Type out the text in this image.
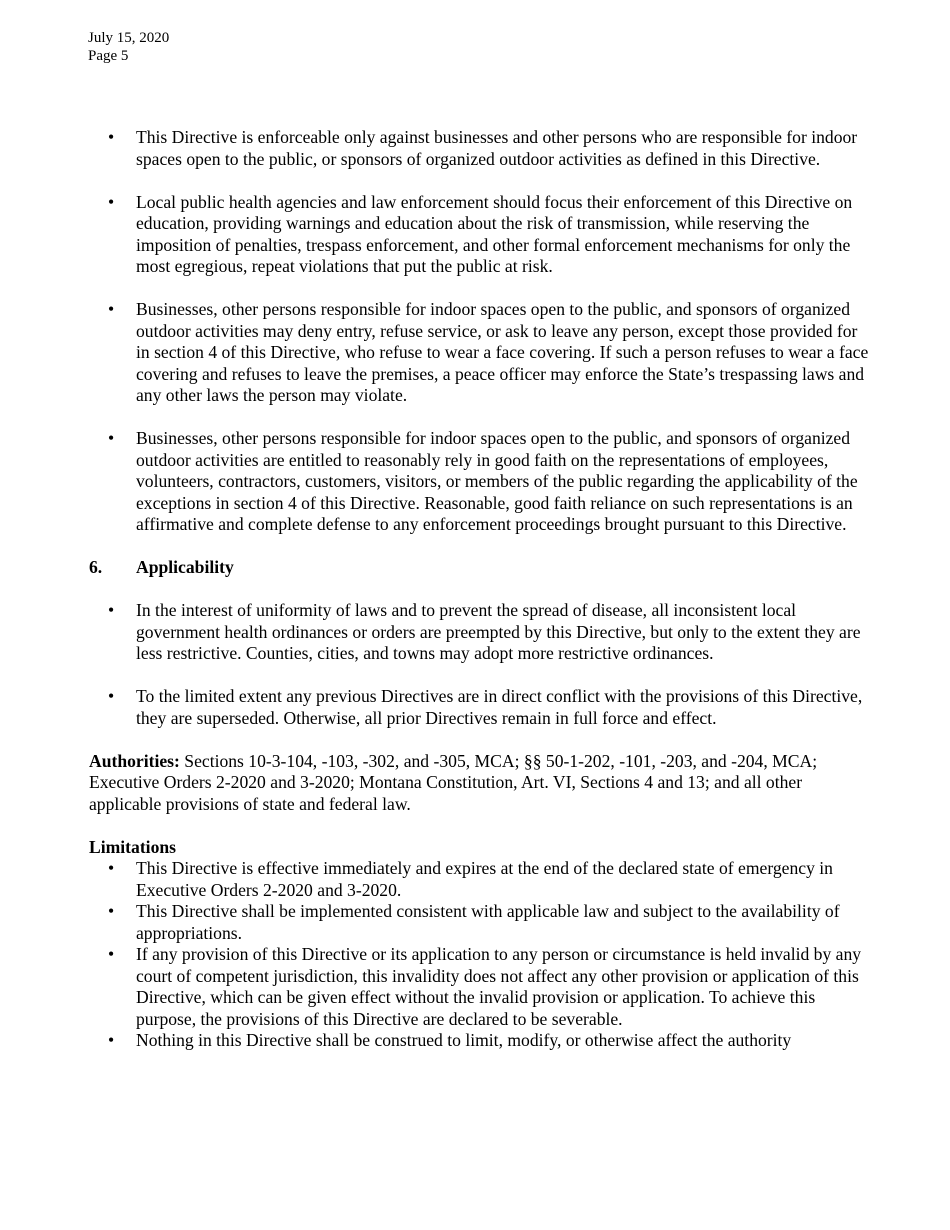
July 15, 2020
Page 5
•	This Directive is enforceable only against businesses and other persons who are responsible for indoor spaces open to the public, or sponsors of organized outdoor activities as defined in this Directive.
•	Local public health agencies and law enforcement should focus their enforcement of this Directive on education, providing warnings and education about the risk of transmission, while reserving the imposition of penalties, trespass enforcement, and other formal enforcement mechanisms for only the most egregious, repeat violations that put the public at risk.
•	Businesses, other persons responsible for indoor spaces open to the public, and sponsors of organized outdoor activities may deny entry, refuse service, or ask to leave any person, except those provided for in section 4 of this Directive, who refuse to wear a face covering. If such a person refuses to wear a face covering and refuses to leave the premises, a peace officer may enforce the State’s trespassing laws and any other laws the person may violate.
•	Businesses, other persons responsible for indoor spaces open to the public, and sponsors of organized outdoor activities are entitled to reasonably rely in good faith on the representations of employees, volunteers, contractors, customers, visitors, or members of the public regarding the applicability of the exceptions in section 4 of this Directive. Reasonable, good faith reliance on such representations is an affirmative and complete defense to any enforcement proceedings brought pursuant to this Directive.
6.	Applicability
•	In the interest of uniformity of laws and to prevent the spread of disease, all inconsistent local government health ordinances or orders are preempted by this Directive, but only to the extent they are less restrictive. Counties, cities, and towns may adopt more restrictive ordinances.
•	To the limited extent any previous Directives are in direct conflict with the provisions of this Directive, they are superseded. Otherwise, all prior Directives remain in full force and effect.
Authorities: Sections 10-3-104, -103, -302, and -305, MCA; §§ 50-1-202, -101, -203, and -204, MCA; Executive Orders 2-2020 and 3-2020; Montana Constitution, Art. VI, Sections 4 and 13; and all other applicable provisions of state and federal law.
Limitations
•	This Directive is effective immediately and expires at the end of the declared state of emergency in Executive Orders 2-2020 and 3-2020.
•	This Directive shall be implemented consistent with applicable law and subject to the availability of appropriations.
•	If any provision of this Directive or its application to any person or circumstance is held invalid by any court of competent jurisdiction, this invalidity does not affect any other provision or application of this Directive, which can be given effect without the invalid provision or application. To achieve this purpose, the provisions of this Directive are declared to be severable.
•	Nothing in this Directive shall be construed to limit, modify, or otherwise affect the authority
